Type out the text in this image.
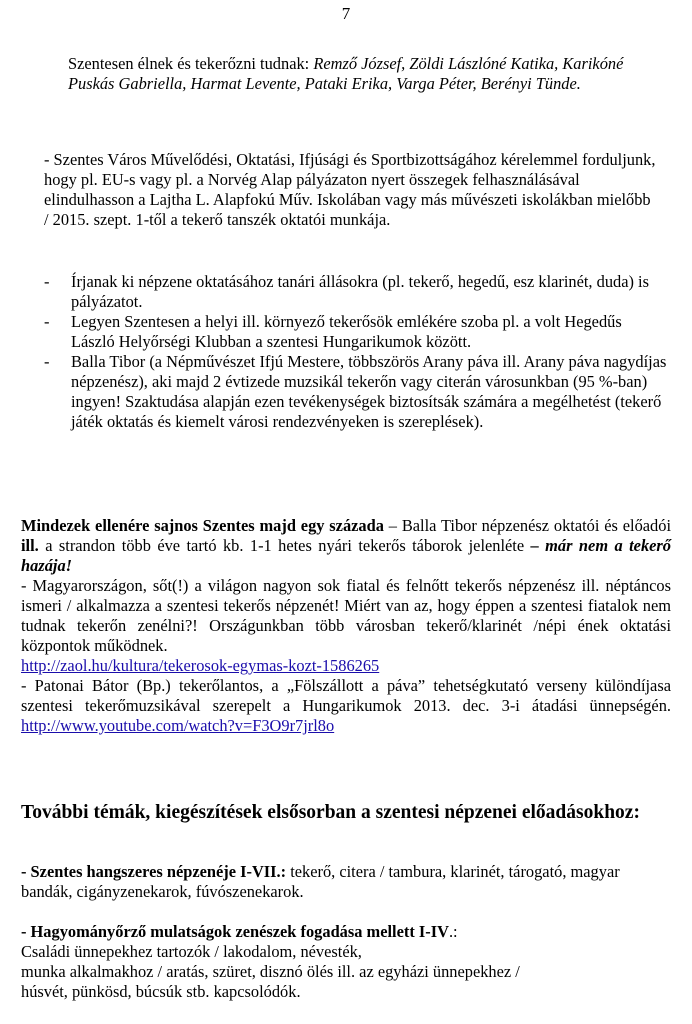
7

Szentesen élnek és tekerőzni tudnak: Remző József, Zöldi Lászlóné Katika, Karikóné Puskás Gabriella, Harmat Levente, Pataki Erika, Varga Péter, Berényi Tünde.

- Szentes Város Művelődési, Oktatási, Ifjúsági és Sportbizottságához kérelemmel forduljunk, hogy pl. EU-s vagy pl. a Norvég Alap pályázaton nyert összegek felhasználásával elindulhasson a Lajtha L. Alapfokú Műv. Iskolában vagy más művészeti iskolákban mielőbb / 2015. szept. 1-től a tekerő tanszék oktatói munkája.

- Írjanak ki népzene oktatásához tanári állásokra (pl. tekerő, hegedű, esz klarinét, duda) is pályázatot.
- Legyen Szentesen a helyi ill. környező tekerősök emlékére szoba pl. a volt Hegedűs László Helyőrségi Klubban a szentesi Hungarikumok között.
- Balla Tibor (a Népművészet Ifjú Mestere, többszörös Arany páva ill. Arany páva nagydíjas népzenész), aki majd 2 évtizede muzsikál tekerőn vagy citerán városunkban (95 %-ban) ingyen! Szaktudása alapján ezen tevékenységek biztosítsák számára a megélhetést (tekerő játék oktatás és kiemelt városi rendezvényeken is szereplések).

Mindezek ellenére sajnos Szentes majd egy százada – Balla Tibor népzenész oktatói és előadói ill. a strandon több éve tartó kb. 1-1 hetes nyári tekerős táborok jelenléte – már nem a tekerő hazája!

- Magyarországon, sőt(!) a világon nagyon sok fiatal és felnőtt tekerős népzenész ill. néptáncos ismeri / alkalmazza a szentesi tekerős népzenét! Miért van az, hogy éppen a szentesi fiatalok nem tudnak tekerőn zenélni?! Országunkban több városban tekerő/klarinét /népi ének oktatási központok működnek.

http://zaol.hu/kultura/tekerosok-egymas-kozt-1586265

- Patonai Bátor (Bp.) tekerőlantos, a „Fölszállott a páva” tehetségkutató verseny különdíjasa szentesi tekerőmuzsikával szerepelt a Hungarikumok 2013. dec. 3-i átadási ünnepségén. http://www.youtube.com/watch?v=F3O9r7jrl8o

További témák, kiegészítések elsősorban a szentesi népzenei előadásokhoz:

- Szentes hangszeres népzenéje I-VII.: tekerő, citera / tambura, klarinét, tárogató, magyar bandák, cigányzenekarok, fúvószenekarok.

- Hagyományőrző mulatságok zenészek fogadása mellett I-IV.:

Családi ünnepekhez tartozók / lakodalom, névesték,

munka alkalmakhoz / aratás, szüret, disznó ölés ill. az egyházi ünnepekhez /

húsvét, pünkösd, búcsúk stb. kapcsolódók.
